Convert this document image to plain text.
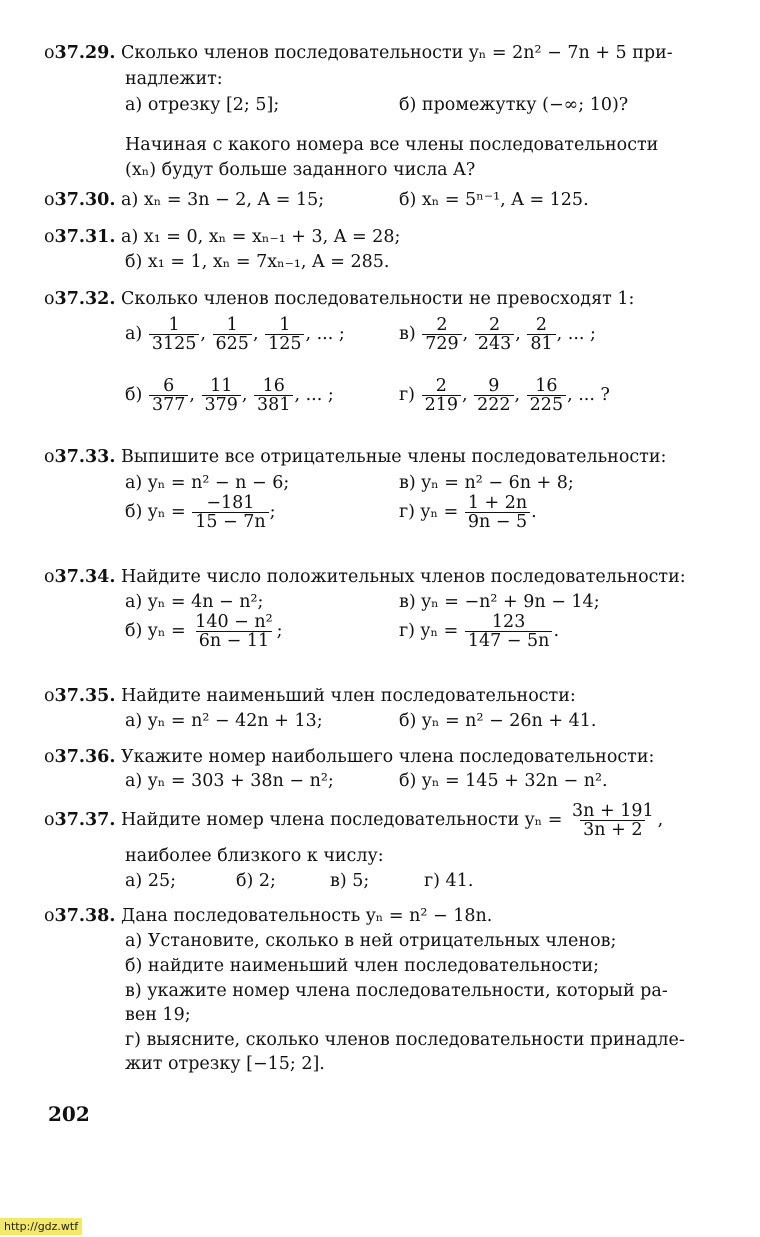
о37.29. Сколько членов последовательности yₙ = 2n² − 7n + 5 при-
надлежит:
а) отрезку [2; 5];	б) промежутку (−∞; 10)?
Начиная с какого номера все члены последовательности
(xₙ) будут больше заданного числа A?
о37.30. а) xₙ = 3n − 2, A = 15;	б) xₙ = 5ⁿ⁻¹, A = 125.
о37.31. а) x₁ = 0, xₙ = xₙ₋₁ + 3, A = 28;
б) x₁ = 1, xₙ = 7xₙ₋₁, A = 285.
о37.32. Сколько членов последовательности не превосходят 1:
$а) \frac{1}{3125}$ , $\frac{1}{625}$ , $\frac{1}{125}$ , ... ;	$в) \frac{2}{729}$ , $\frac{2}{243}$ , $\frac{2}{81}$ , ... ;
$б) \frac{6}{377}$ , $\frac{11}{379}$ , $\frac{16}{381}$ , ... ;	$г) \frac{2}{219}$ , $\frac{9}{222}$ , $\frac{16}{225}$ , ... ?
о37.33. Выпишите все отрицательные члены последовательности:
а) yₙ = n² − n − 6;	в) yₙ = n² − 6n + 8;
б) $y_n = \frac{-181}{15 - 7n}$ ;	г) $y_n = \frac{1 + 2n}{9n - 5}$ .
о37.34. Найдите число положительных членов последовательности:
а) yₙ = 4n − n²;	в) yₙ = −n² + 9n − 14;
б) $y_n = \frac{\text{140 − n²}}{6n - 11}$ ;	г) $y_n = \frac{123}{147 - 5n}$ .
о37.35. Найдите наименьший член последовательности:
а) yₙ = n² − 42n + 13;	б) yₙ = n² − 26n + 41.
о37.36. Укажите номер наибольшего члена последовательности:
а) yₙ = 303 + 38n − n²;	б) yₙ = 145 + 32n − n².
о37.37. Найдите номер члена последовательности $y_n = \frac{3n + 191}{3n + 2}$ ,
наиболее близкого к числу:
а) 25;	б) 2;	в) 5;	г) 41.
о37.38. Дана последовательность yₙ = n² − 18n.
а) Установите, сколько в ней отрицательных членов;
б) найдите наименьший член последовательности;
в) укажите номер члена последовательности, который ра-
вен 19;
г) выясните, сколько членов последовательности принадле-
жит отрезку [−15; 2].
202
http://gdz.wtf
